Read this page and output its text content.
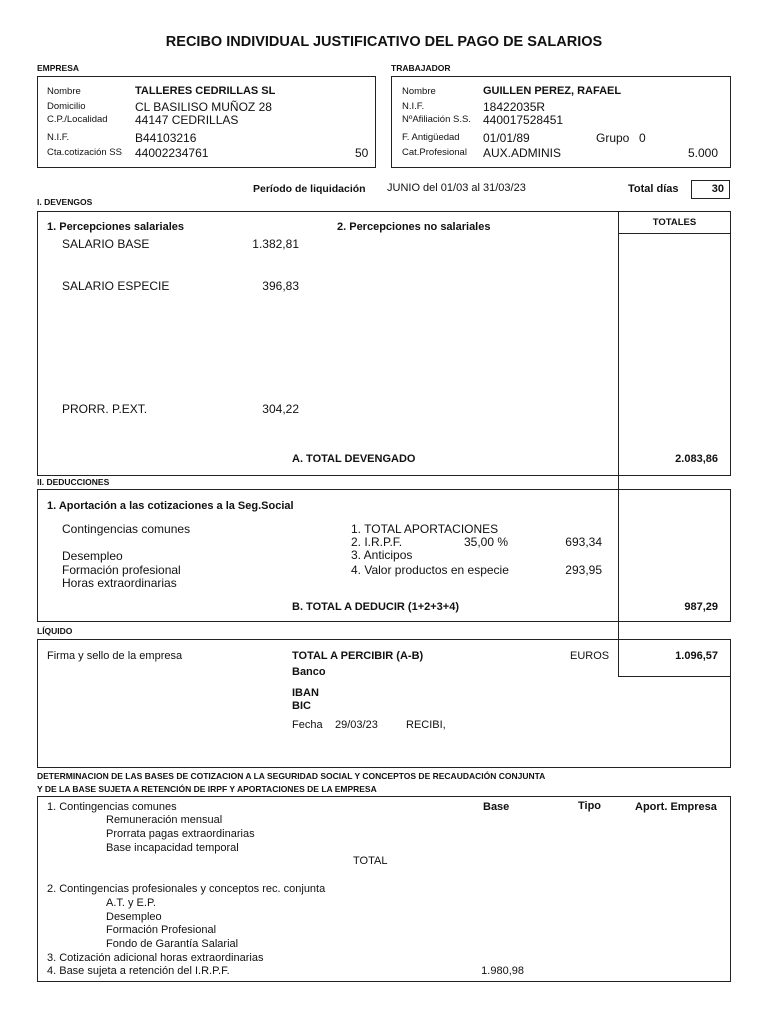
RECIBO INDIVIDUAL JUSTIFICATIVO DEL PAGO DE SALARIOS
EMPRESA
Nombre	TALLERES CEDRILLAS SL
Domicilio	CL BASILISO MUÑOZ 28
C.P./Localidad 44147 CEDRILLAS
N.I.F.	B44103216
Cta.cotización SS 44002234761	50
TRABAJADOR
Nombre	GUILLEN PEREZ, RAFAEL
N.I.F.	18422035R
NºAfiliación S.S. 440017528451
F. Antigüedad 01/01/89	Grupo 0
Cat.Profesional AUX.ADMINIS	5.000
Período de liquidación JUNIO del 01/03 al 31/03/23	Total días	30
I. DEVENGOS
TOTALES
1. Percepciones salariales	2. Percepciones no salariales
SALARIO BASE	1.382,81
SALARIO ESPECIE	396,83
PRORR. P.EXT.	304,22
A. TOTAL DEVENGADO	2.083,86
II. DEDUCCIONES
1. Aportación a las cotizaciones a la Seg.Social
Contingencias comunes
Desempleo
Formación profesional
Horas extraordinarias
1. TOTAL APORTACIONES
2. I.R.P.F.	35,00 %	693,34
3. Anticipos
4. Valor productos en especie	293,95
B. TOTAL A DEDUCIR (1+2+3+4)	987,29
LÍQUIDO
Firma y sello de la empresa	TOTAL A PERCIBIR (A-B)	EUROS	1.096,57
Banco
IBAN
BIC
Fecha 29/03/23	RECIBI,
DETERMINACION DE LAS BASES DE COTIZACION A LA SEGURIDAD SOCIAL Y CONCEPTOS DE RECAUDACIÓN CONJUNTA
Y DE LA BASE SUJETA A RETENCIÓN DE IRPF Y APORTACIONES DE LA EMPRESA
1. Contingencias comunes	Base	Tipo	Aport. Empresa
Remuneración mensual
Prorrata pagas extraordinarias
Base incapacidad temporal
TOTAL
2. Contingencias profesionales y conceptos rec. conjunta
A.T. y E.P.
Desempleo
Formación Profesional
Fondo de Garantía Salarial
3. Cotización adicional horas extraordinarias
4. Base sujeta a retención del I.R.P.F.	1.980,98
